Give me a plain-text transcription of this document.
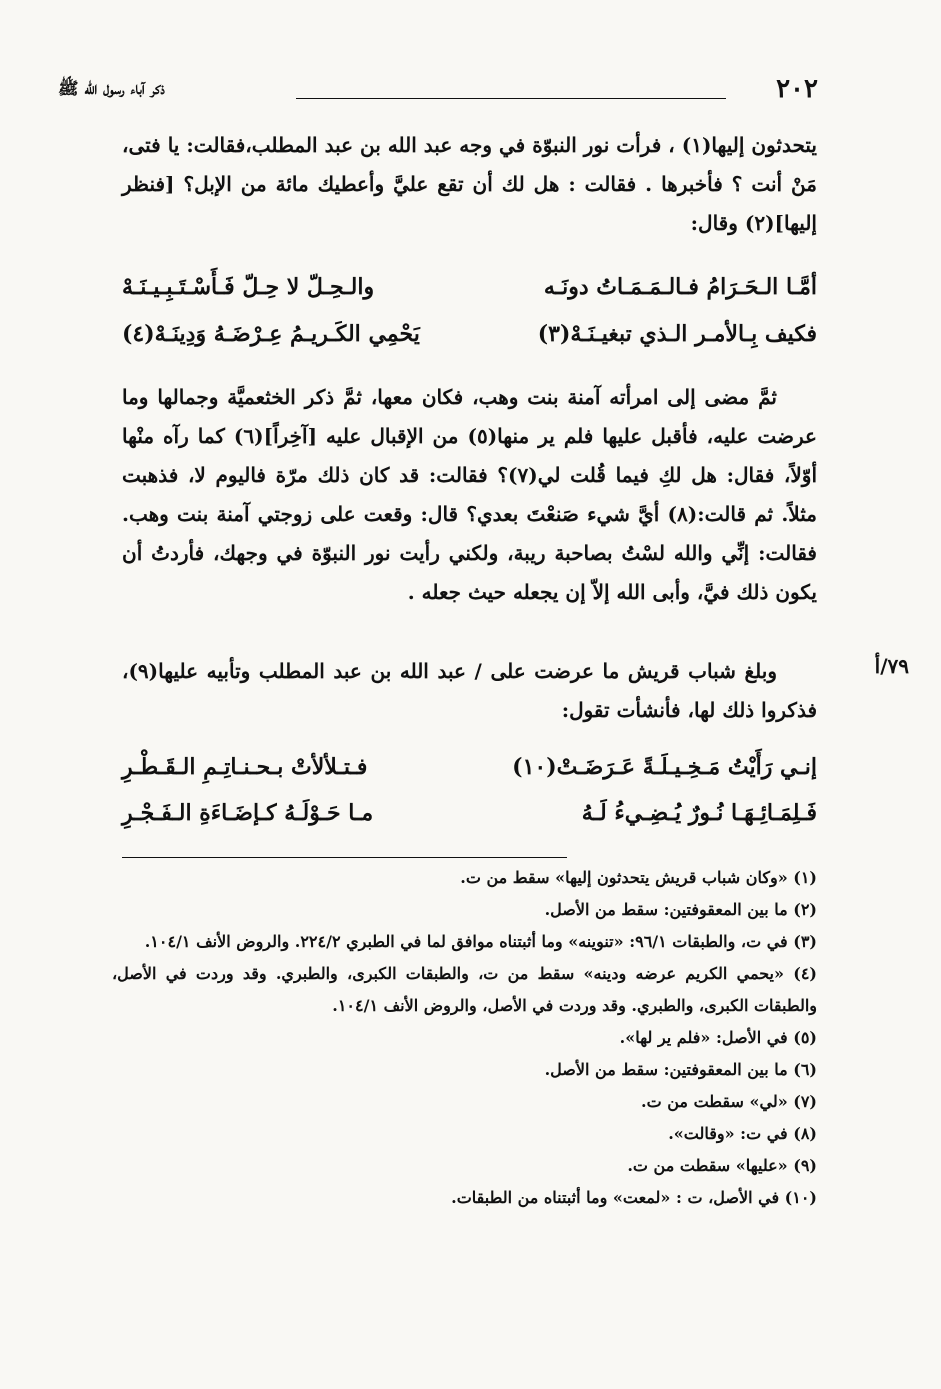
٢٠٢
ذكر آباء رسول الله ﷺ

يتحدثون إليها(١) ، فرأت نور النبوّة في وجه عبد الله بن عبد المطلب،فقالت: يا فتى، مَنْ أنت ؟ فأخبرها . فقالت : هل لك أن تقع عليَّ وأعطيك مائة من الإبل؟ [فنظر إليها](٢) وقال:

أمَّـا الـحَـرَامُ فـالـمَـمَـاتُ دونَـه
والـحِـلّ لا حِـلّ فَـأَسْـتَـبِـيـنَـهْ
فكيف بِـالأمـر الـذي تبغيـنَـهْ(٣)
يَحْمِي الكَـريـمُ عِـرْضَـهُ وَدِينَـهْ(٤)

ثمَّ مضى إلى امرأته آمنة بنت وهب، فكان معها، ثمَّ ذكر الخثعميَّة وجمالها وما عرضت عليه، فأقبل عليها فلم ير منها(٥) من الإقبال عليه [آخِراً](٦) كما رآه منْها أوّلاً، فقال: هل لكِ فيما قُلت لي(٧)؟ فقالت: قد كان ذلك مرّة فاليوم لا، فذهبت مثلاً. ثم قالت:(٨) أيَّ شيء صَنعْتَ بعدي؟ قال: وقعت على زوجتي آمنة بنت وهب. فقالت: إنِّي والله لسْتُ بصاحبة ريبة، ولكني رأيت نور النبوّة في وجهك، فأردتُ أن يكون ذلك فيَّ، وأبى الله إلاّ إن يجعله حيث جعله .

٧٩/أ

وبلغ شباب قريش ما عرضت على / عبد الله بن عبد المطلب وتأبيه عليها(٩)، فذكروا ذلك لها، فأنشأت تقول:

إنـي رَأَيْتُ مَـخِـيـلَـةً عَـرَضَـتْ(١٠)
فـتـلألأتْ بـحـنـاتِـمِ الـقَـطْـرِ
فَـلِمَـائِـهَـا نُـورٌ يُـضِـيءُ لَـهُ
مـا حَـوْلَـهُ كـإضَـاءَةِ الـفَـجْـرِ

(١) «وكان شباب قريش يتحدثون إليها» سقط من ت.

(٢) ما بين المعقوفتين: سقط من الأصل.

(٣) في ت، والطبقات ٩٦/١: «تنوينه» وما أثبتناه موافق لما في الطبري ٢٢٤/٢. والروض الأنف ١٠٤/١.

(٤) «يحمي الكريم عرضه ودينه» سقط من ت، والطبقات الكبرى، والطبري. وقد وردت في الأصل، والطبقات الكبرى، والطبري. وقد وردت في الأصل، والروض الأنف ١٠٤/١.

(٥) في الأصل: «فلم ير لها».

(٦) ما بين المعقوفتين: سقط من الأصل.

(٧) «لي» سقطت من ت.

(٨) في ت: «وقالت».

(٩) «عليها» سقطت من ت.

(١٠) في الأصل، ت : «لمعت» وما أثبتناه من الطبقات.
